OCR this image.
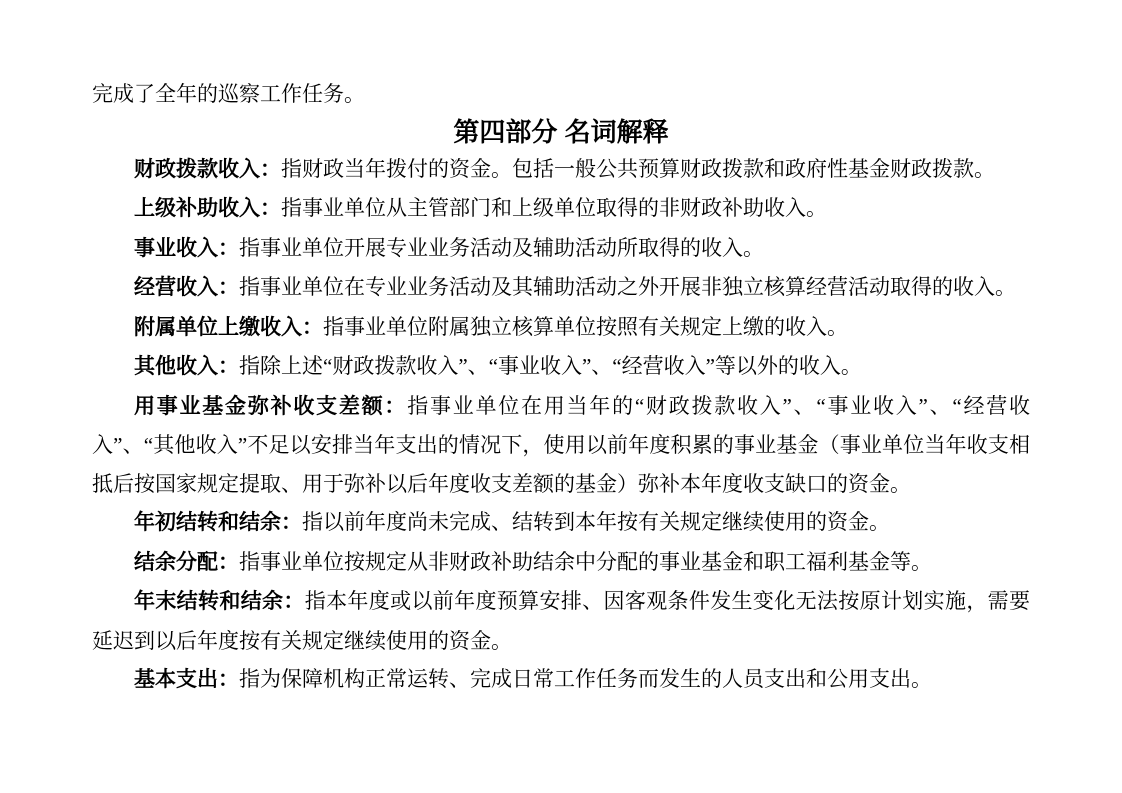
完成了全年的巡察工作任务。

第四部分 名词解释

财政拨款收入：指财政当年拨付的资金。包括一般公共预算财政拨款和政府性基金财政拨款。

上级补助收入：指事业单位从主管部门和上级单位取得的非财政补助收入。

事业收入：指事业单位开展专业业务活动及辅助活动所取得的收入。

经营收入：指事业单位在专业业务活动及其辅助活动之外开展非独立核算经营活动取得的收入。

附属单位上缴收入：指事业单位附属独立核算单位按照有关规定上缴的收入。

其他收入：指除上述“财政拨款收入”、“事业收入”、“经营收入”等以外的收入。

用事业基金弥补收支差额：指事业单位在用当年的“财政拨款收入”、“事业收入”、“经营收入”、“其他收入”不足以安排当年支出的情况下，使用以前年度积累的事业基金（事业单位当年收支相抵后按国家规定提取、用于弥补以后年度收支差额的基金）弥补本年度收支缺口的资金。

年初结转和结余：指以前年度尚未完成、结转到本年按有关规定继续使用的资金。

结余分配：指事业单位按规定从非财政补助结余中分配的事业基金和职工福利基金等。

年末结转和结余：指本年度或以前年度预算安排、因客观条件发生变化无法按原计划实施，需要延迟到以后年度按有关规定继续使用的资金。

基本支出：指为保障机构正常运转、完成日常工作任务而发生的人员支出和公用支出。
